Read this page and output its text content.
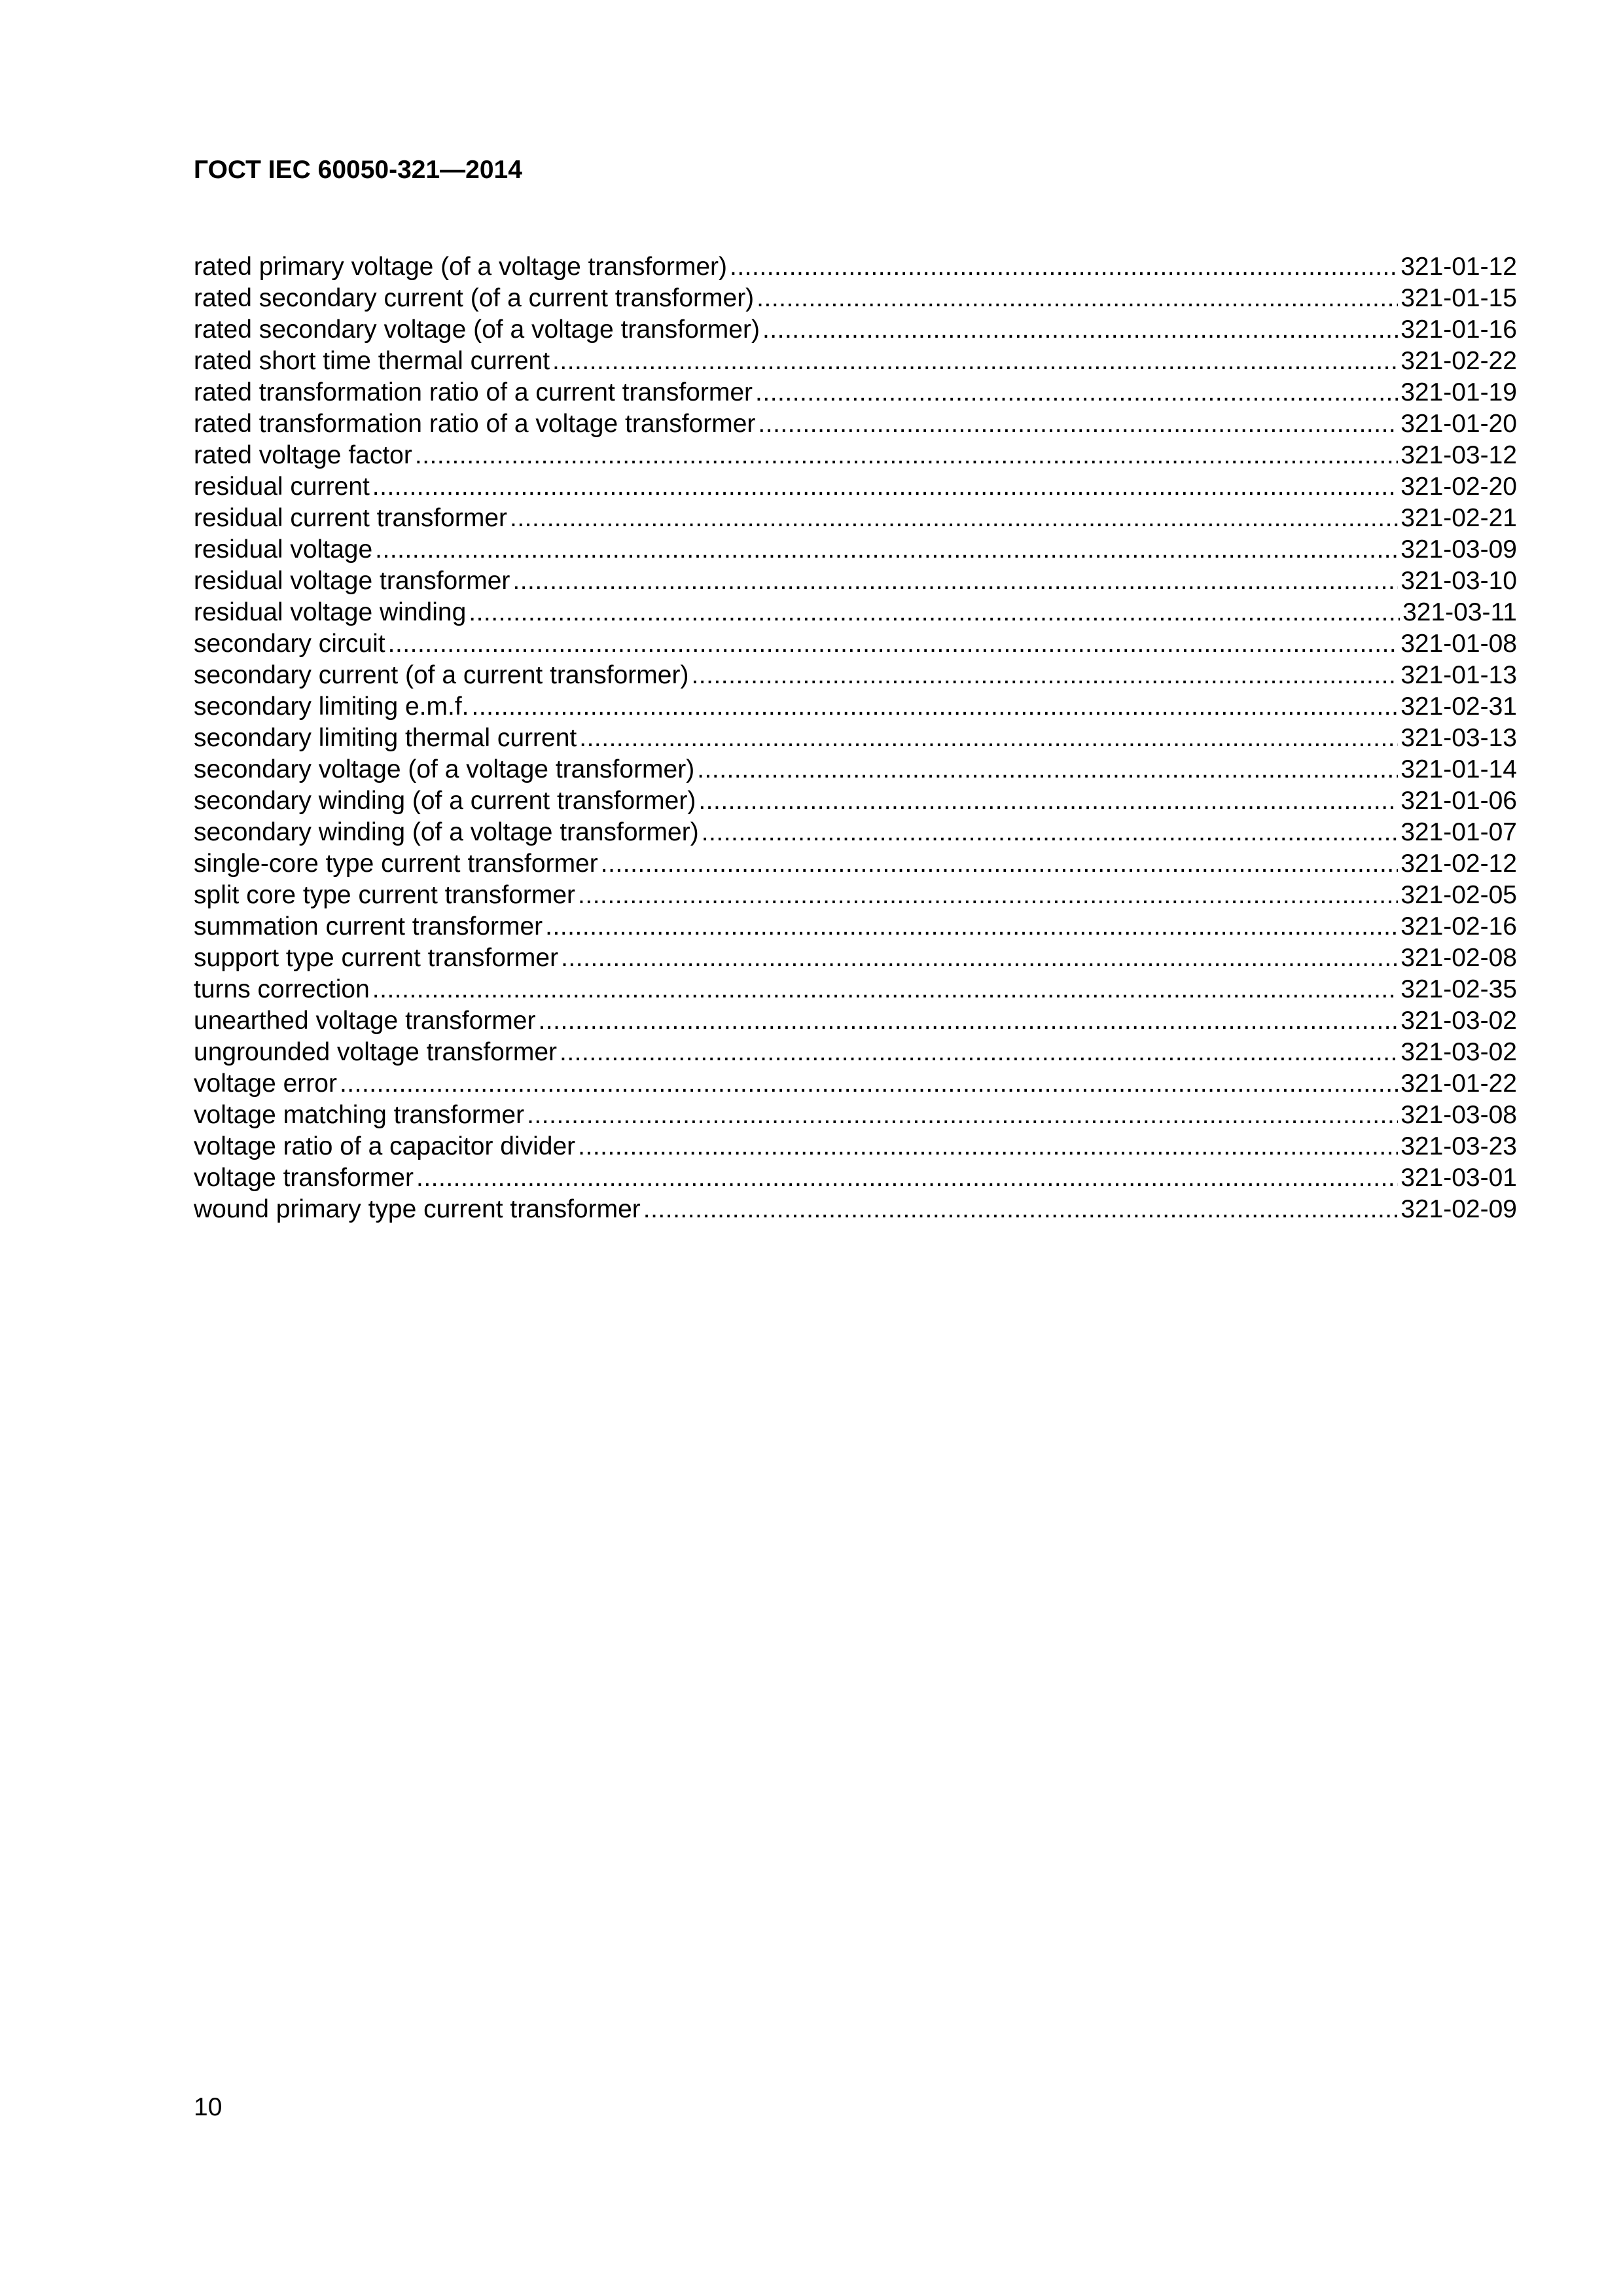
ГОСТ IEC 60050-321—2014
rated primary voltage (of a voltage transformer) .....	321-01-12
rated secondary current (of a current transformer) .....	321-01-15
rated secondary voltage (of a voltage transformer) .....	321-01-16
rated short time thermal current .....	321-02-22
rated transformation ratio of a current transformer .....	321-01-19
rated transformation ratio of a voltage transformer .....	321-01-20
rated voltage factor .....	321-03-12
residual current .....	321-02-20
residual current transformer .....	321-02-21
residual voltage .....	321-03-09
residual voltage transformer .....	321-03-10
residual voltage winding .....	321-03-11
secondary circuit .....	321-01-08
secondary current (of a current transformer) .....	321-01-13
secondary limiting e.m.f. .....	321-02-31
secondary limiting thermal current .....	321-03-13
secondary voltage (of a voltage transformer) .....	321-01-14
secondary winding (of a current transformer) .....	321-01-06
secondary winding (of a voltage transformer) .....	321-01-07
single-core type current transformer .....	321-02-12
split core type current transformer .....	321-02-05
summation current transformer .....	321-02-16
support type current transformer .....	321-02-08
turns correction .....	321-02-35
unearthed voltage transformer .....	321-03-02
ungrounded voltage transformer .....	321-03-02
voltage error .....	321-01-22
voltage matching transformer .....	321-03-08
voltage ratio of a capacitor divider .....	321-03-23
voltage transformer .....	321-03-01
wound primary type current transformer .....	321-02-09
10
